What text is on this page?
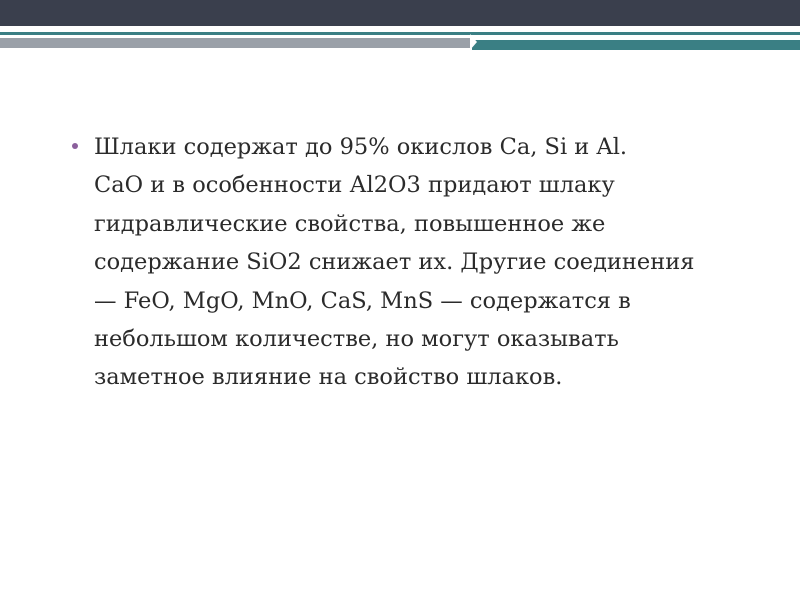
Шлаки содержат до 95% окислов Са, Si и Al.
СаО и в особенности Аl2O3 придают шлаку
гидравлические свойства, повышенное же
содержание SiO2 снижает их. Другие соединения
— FeO, MgO, MnO, CaS, MnS — содержатся в
небольшом количестве, но могут оказывать
заметное влияние на свойство шлаков.
